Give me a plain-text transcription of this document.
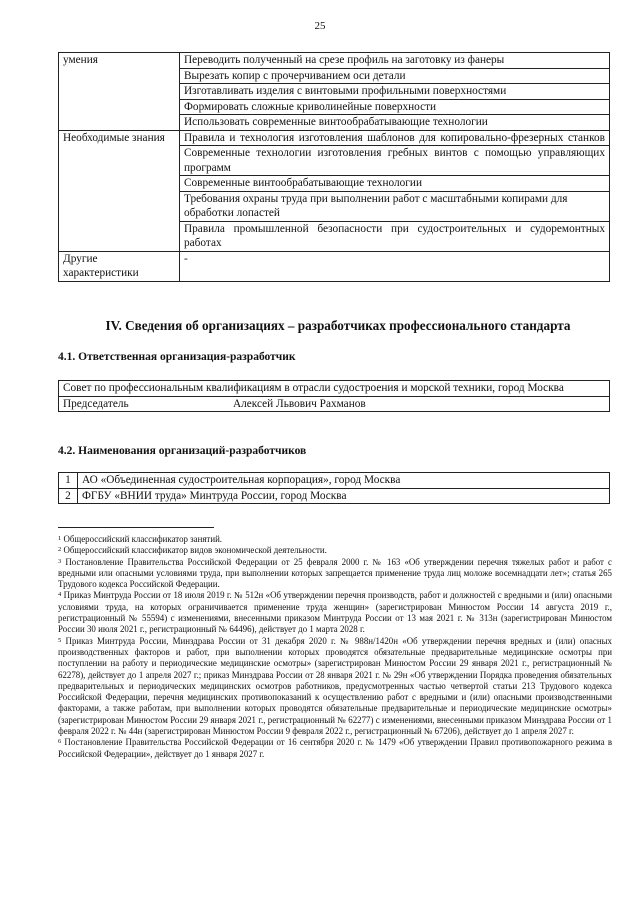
25
умения	Переводить полученный на срезе профиль на заготовку из фанеры
	Вырезать копир с прочерчиванием оси детали
	Изготавливать изделия с винтовыми профильными поверхностями
	Формировать сложные криволинейные поверхности
	Использовать современные винтообрабатывающие технологии
Необходимые знания	Правила и технология изготовления шаблонов для копировально-фрезерных станков
	Современные технологии изготовления гребных винтов с помощью управляющих программ
	Современные винтообрабатывающие технологии
	Требования охраны труда при выполнении работ с масштабными копирами для обработки лопастей
	Правила промышленной безопасности при судостроительных и судоремонтных работах
Другие характеристики	-
IV. Сведения об организациях – разработчиках профессионального стандарта
4.1. Ответственная организация-разработчик
Совет по профессиональным квалификациям в отрасли судостроения и морской техники, город Москва

Председатель	Алексей Львович Рахманов
4.2. Наименования организаций-разработчиков
1	АО «Объединенная судостроительная корпорация», город Москва
2	ФГБУ «ВНИИ труда» Минтруда России, город Москва

$^1$ Общероссийский классификатор занятий.

$^2$ Общероссийский классификатор видов экономической деятельности.

$^3$ Постановление Правительства Российской Федерации от 25 февраля 2000 г. № 163 «Об утверждении перечня тяжелых работ и работ с вредными или опасными условиями труда, при выполнении которых запрещается применение труда лиц моложе восемнадцати лет»; статья 265 Трудового кодекса Российской Федерации.

$^4$ Приказ Минтруда России от 18 июля 2019 г. № 512н «Об утверждении перечня производств, работ и должностей с вредными и (или) опасными условиями труда, на которых ограничивается применение труда женщин» (зарегистрирован Минюстом России 14 августа 2019 г., регистрационный № 55594) с изменениями, внесенными приказом Минтруда России от 13 мая 2021 г. № 313н (зарегистрирован Минюстом России 30 июля 2021 г., регистрационный № 64496), действует до 1 марта 2028 г.

$^5$ Приказ Минтруда России, Минздрава России от 31 декабря 2020 г. № 988н/1420н «Об утверждении перечня вредных и (или) опасных производственных факторов и работ, при выполнении которых проводятся обязательные предварительные медицинские осмотры при поступлении на работу и периодические медицинские осмотры» (зарегистрирован Минюстом России 29 января 2021 г., регистрационный № 62278), действует до 1 апреля 2027 г.; приказ Минздрава России от 28 января 2021 г. № 29н «Об утверждении Порядка проведения обязательных предварительных и периодических медицинских осмотров работников, предусмотренных частью четвертой статьи 213 Трудового кодекса Российской Федерации, перечня медицинских противопоказаний к осуществлению работ с вредными и (или) опасными производственными факторами, а также работам, при выполнении которых проводятся обязательные предварительные и периодические медицинские осмотры» (зарегистрирован Минюстом России 29 января 2021 г., регистрационный № 62277) с изменениями, внесенными приказом Минздрава России от 1 февраля 2022 г. № 44н (зарегистрирован Минюстом России 9 февраля 2022 г., регистрационный № 67206), действует до 1 апреля 2027 г.

$^6$ Постановление Правительства Российской Федерации от 16 сентября 2020 г. № 1479 «Об утверждении Правил противопожарного режима в Российской Федерации», действует до 1 января 2027 г.
